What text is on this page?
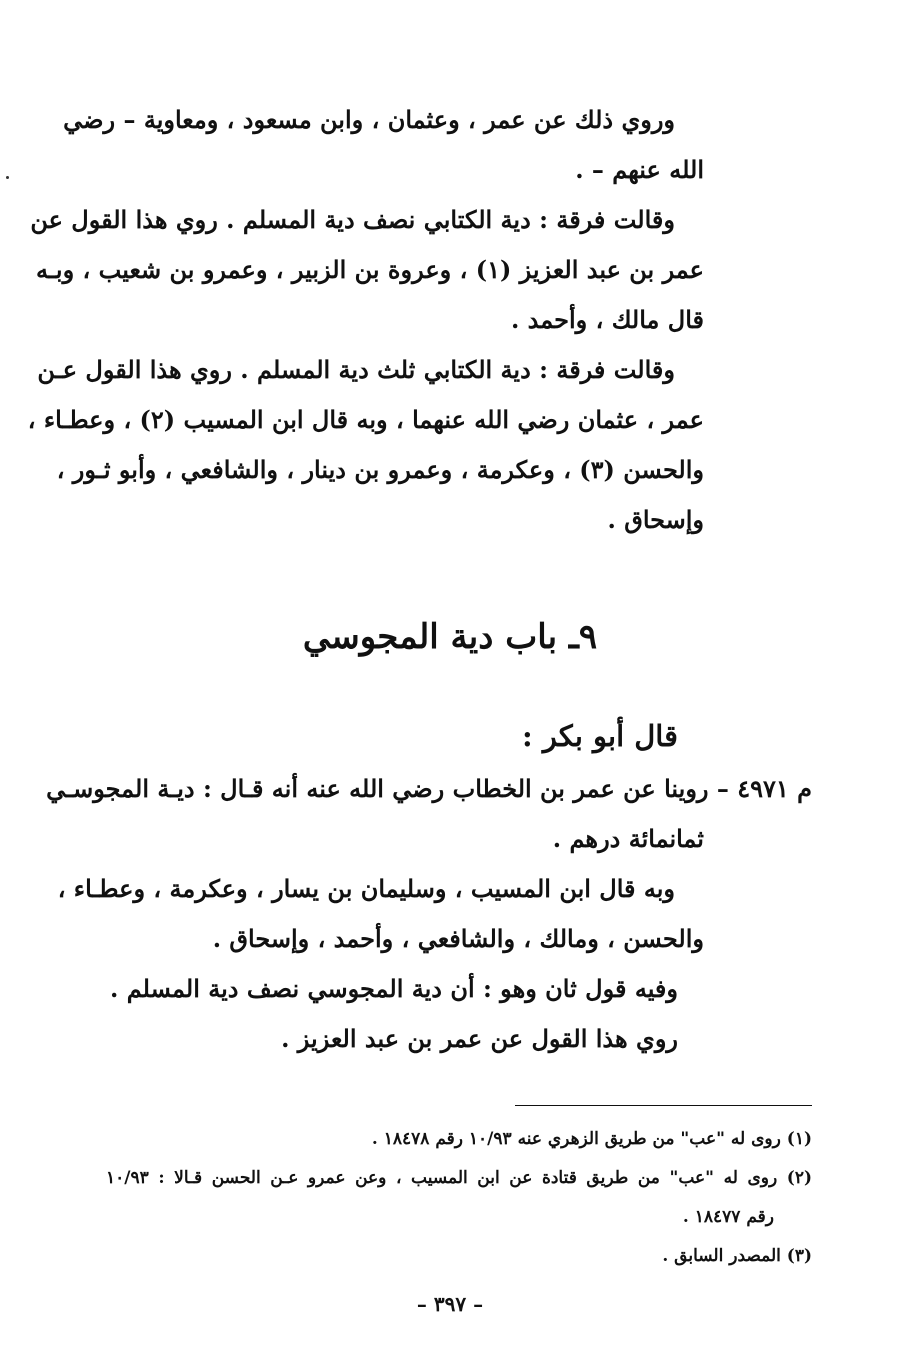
وروي ذلك عن عمر ، وعثمان ، وابن مسعود ، ومعاوية – رضي
الله عنهم – .
وقالت فرقة : دية الكتابي نصف دية المسلم . روي هذا القول عن
عمر بن عبد العزيز (١) ، وعروة بن الزبير ، وعمرو بن شعيب ، وبـه
قال مالك ، وأحمد .
وقالت فرقة : دية الكتابي ثلث دية المسلم . روي هذا القول عـن
عمر ، عثمان رضي الله عنهما ، وبه قال ابن المسيب (٢) ، وعطـاء ،
والحسن (٣) ، وعكرمة ، وعمرو بن دينار ، والشافعي ، وأبو ثـور ،
وإسحاق .
٩ـ باب دية المجوسي
قال أبو بكر :
م ٤٩٧١ – روينا عن عمر بن الخطاب رضي الله عنه أنه قـال : ديـة المجوسـي
ثمانمائة درهم .
وبه قال ابن المسيب ، وسليمان بن يسار ، وعكرمة ، وعطـاء ،
والحسن ، ومالك ، والشافعي ، وأحمد ، وإسحاق .
وفيه قول ثان وهو : أن دية المجوسي نصف دية المسلم .
روي هذا القول عن عمر بن عبد العزيز .
(١) روى له "عب" من طريق الزهري عنه ١٠/٩٣ رقم ١٨٤٧٨ .
(٢) روى له "عب" من طريق قتادة عن ابن المسيب ، وعن عمرو عـن الحسن قـالا : ١٠/٩٣
رقم ١٨٤٧٧ .
(٣) المصدر السابق .
– ٣٩٧ –
